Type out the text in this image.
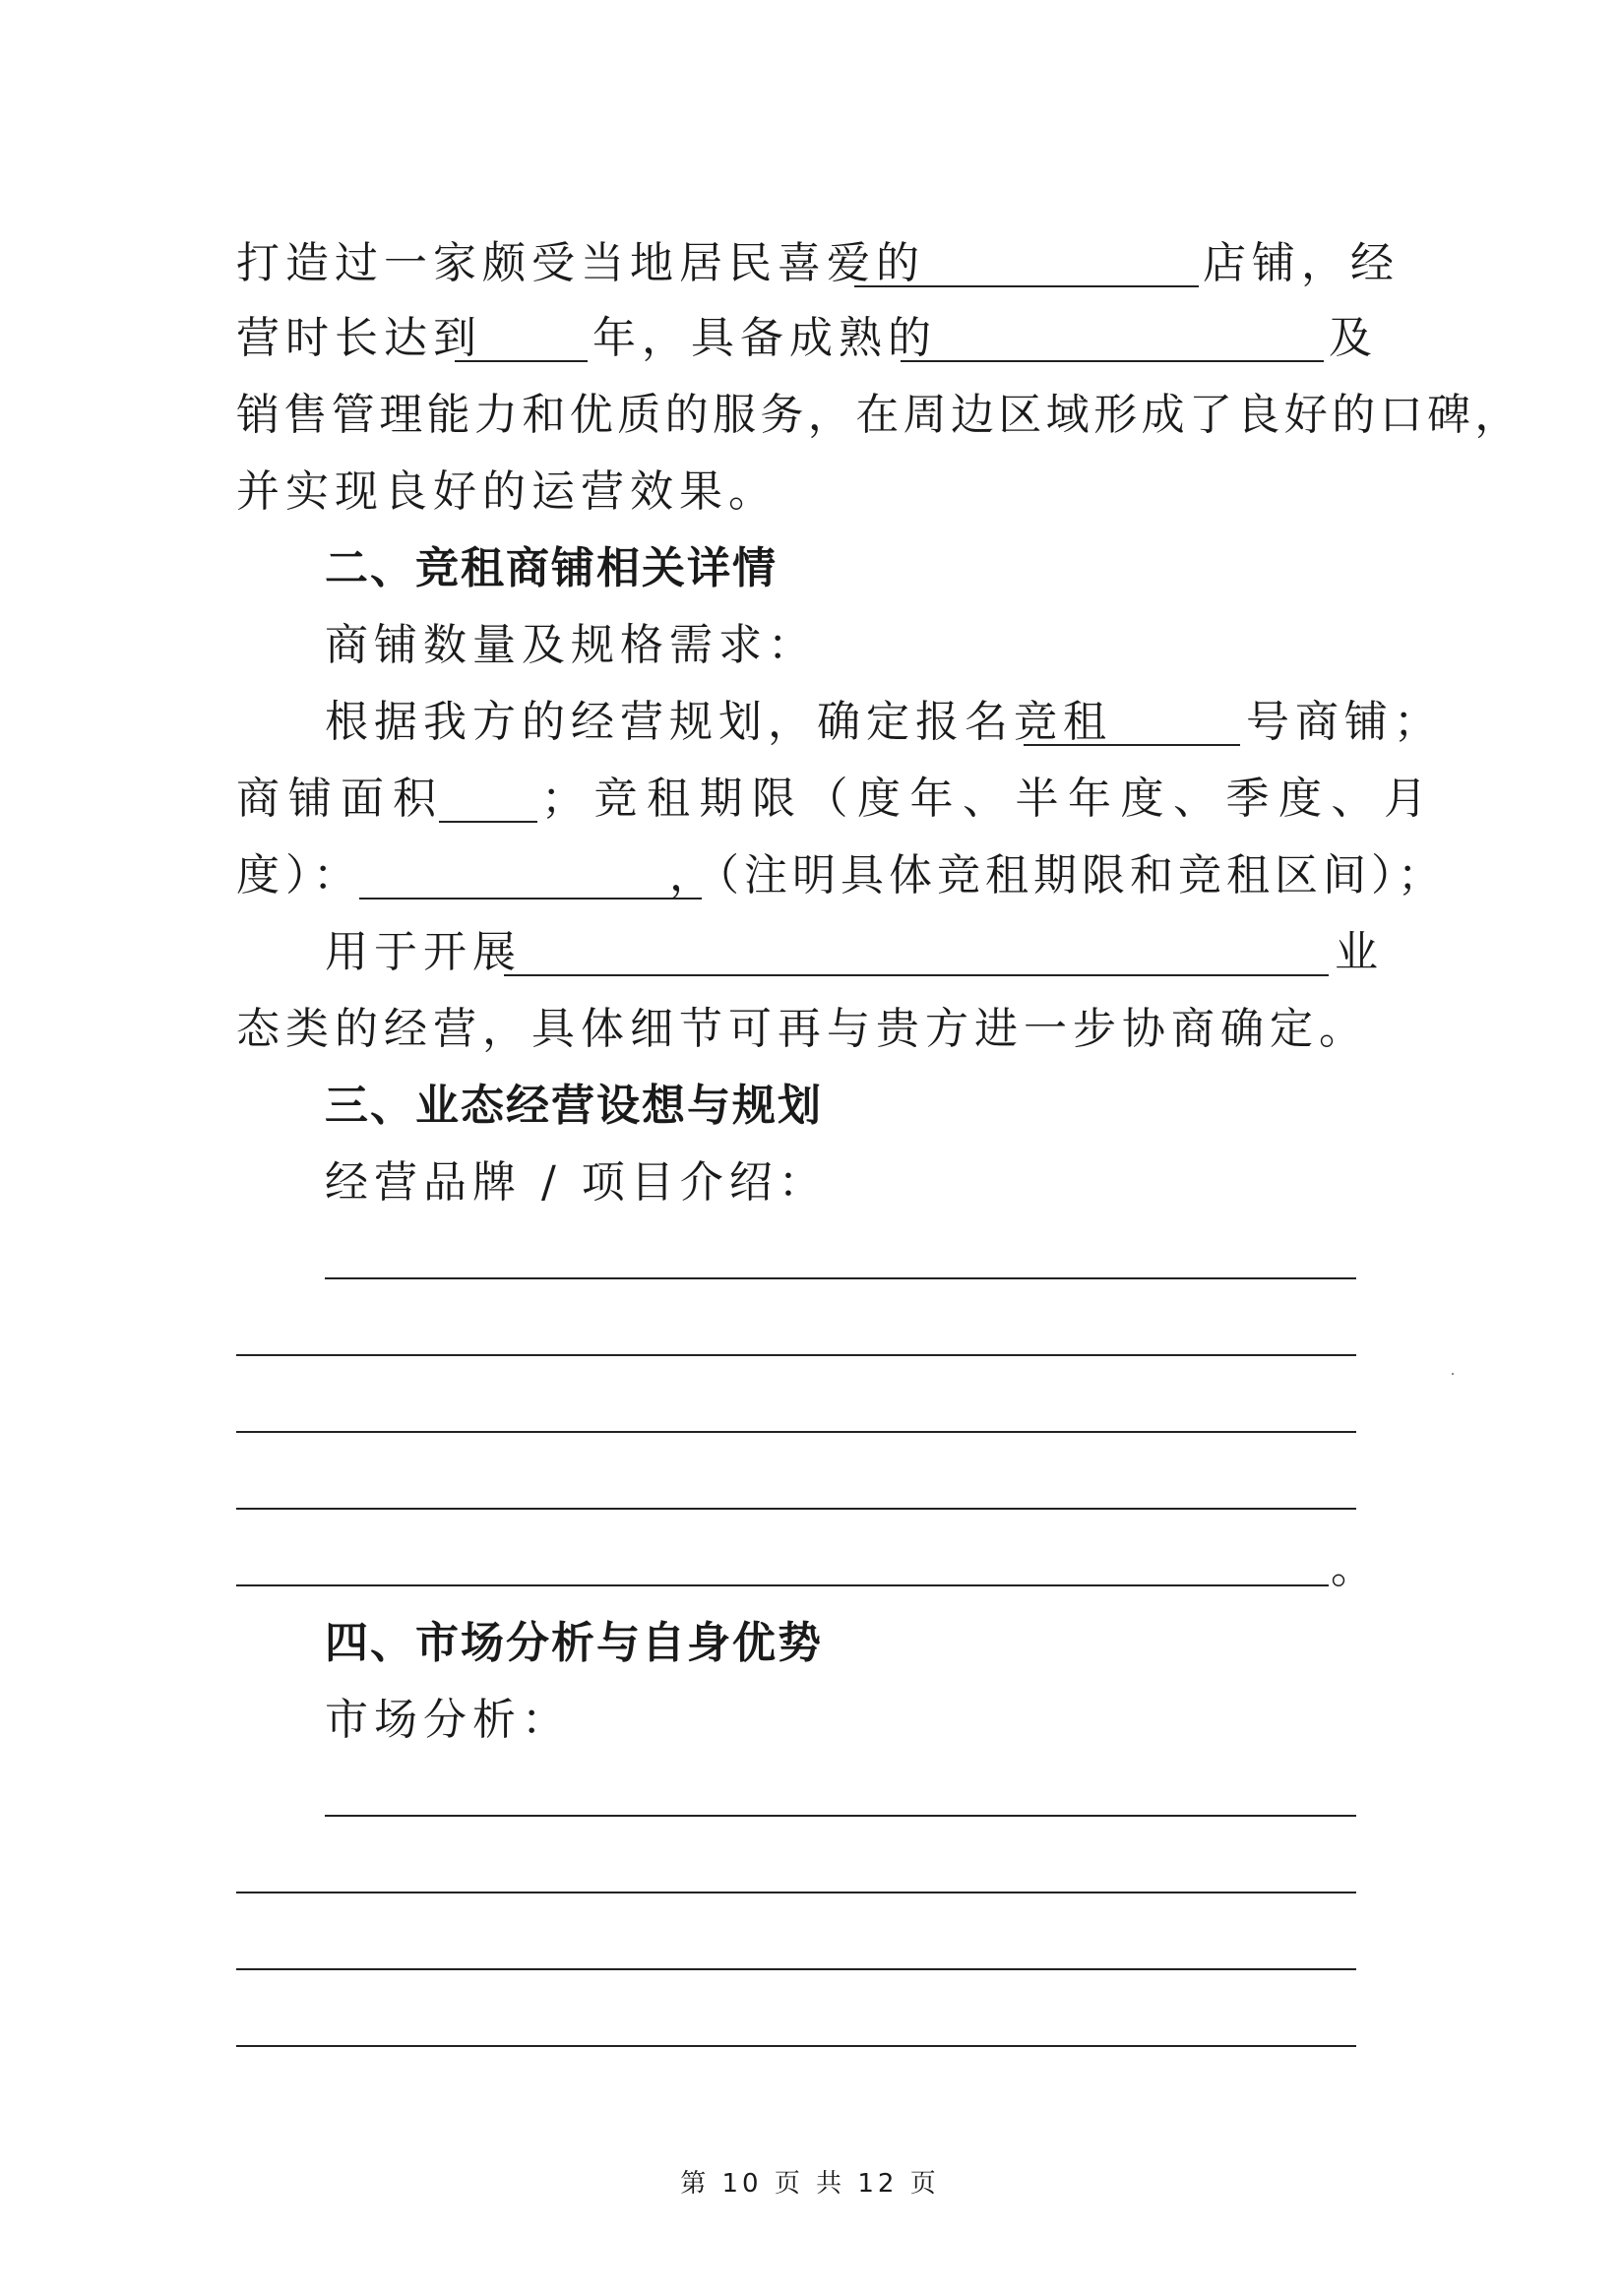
打造过一家颇受当地居民喜爱的	店铺，经
营时长达到	年，具备成熟的	及
销售管理能力和优质的服务，在周边区域形成了良好的口碑，
并实现良好的运营效果。
二、竞租商铺相关详情
商铺数量及规格需求：
根据我方的经营规划，确定报名竞租	号商铺；
商铺面积 ；竞租期限（度年、半年度、季度、月
度）：	，（注明具体竞租期限和竞租区间）；
用于开展	业
态类的经营，具体细节可再与贵方进一步协商确定。
三、业态经营设想与规划
经营品牌 / 项目介绍：
。
四、市场分析与自身优势
市场分析：
第 10 页 共 12 页
